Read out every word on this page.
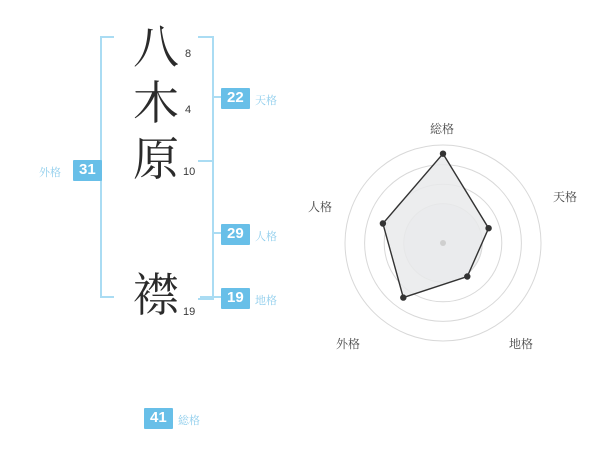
八
木
原
襟
8
4
10
19
22	天格
29	人格
19	地格
31
外格
41	総格
総格
天格
地格
外格
人格
